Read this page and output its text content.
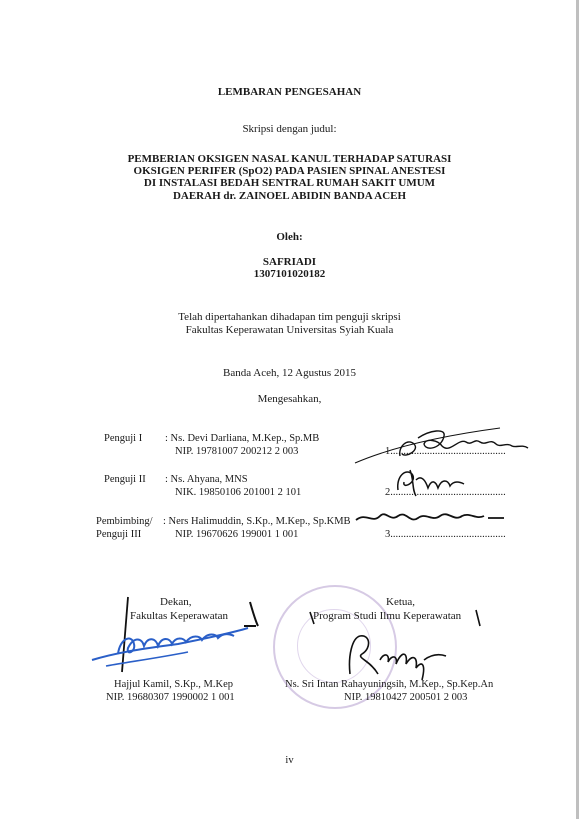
LEMBARAN PENGESAHAN
Skripsi dengan judul:
PEMBERIAN OKSIGEN NASAL KANUL TERHADAP SATURASI
OKSIGEN PERIFER (SpO2) PADA PASIEN SPINAL ANESTESI
DI INSTALASI BEDAH SENTRAL RUMAH SAKIT UMUM
DAERAH dr. ZAINOEL ABIDIN BANDA ACEH
Oleh:
SAFRIADI
1307101020182
Telah dipertahankan dihadapan tim penguji skripsi
Fakultas Keperawatan Universitas Syiah Kuala
Banda Aceh, 12 Agustus 2015
Mengesahkan,
Penguji I : Ns. Devi Darliana, M.Kep., Sp.MB
NIP. 19781007 200212 2 003	1............................................
Penguji II : Ns. Ahyana, MNS
NIK. 19850106 201001 2 101	2............................................
Pembimbing/
Penguji III
: Ners Halimuddin, S.Kp., M.Kep., Sp.KMB
NIP. 19670626 199001 1 001	3............................................
Dekan,
Fakultas Keperawatan
Hajjul Kamil, S.Kp., M.Kep
NIP. 19680307 1990002 1 001
Ketua,
Program Studi Ilmu Keperawatan
Ns. Sri Intan Rahayuningsih, M.Kep., Sp.Kep.An
NIP. 19810427 200501 2 003
iv
